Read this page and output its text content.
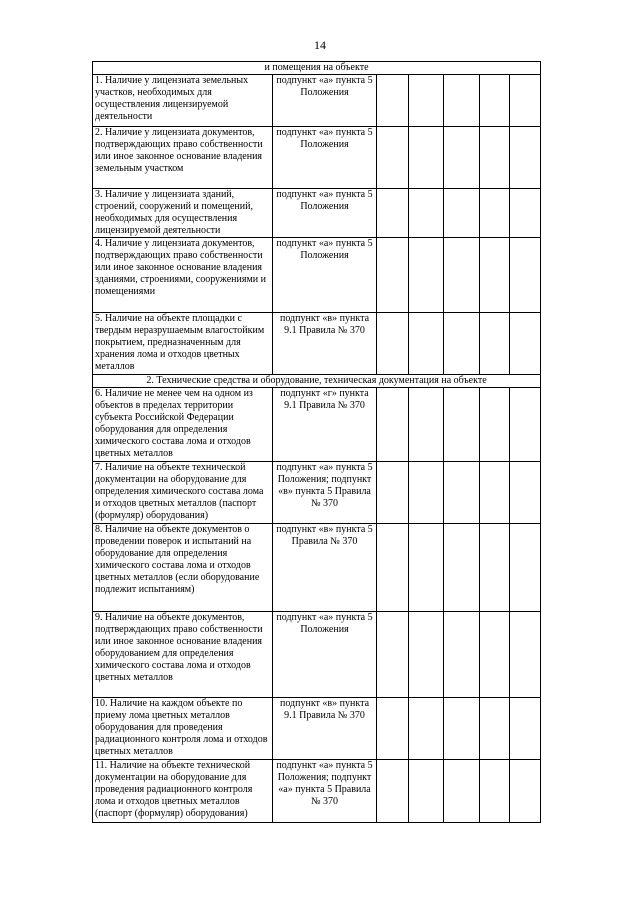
14
и помещения на объекте						
1. Наличие у лицензиата земельных участков, необходимых для осуществления лицензируемой деятельности	подпункт «а» пункта 5 Положения					
2. Наличие у лицензиата документов, подтверждающих право собственности или иное законное основание владения земельным участком	подпункт «а» пункта 5 Положения					
3. Наличие у лицензиата зданий, строений, сооружений и помещений, необходимых для осуществления лицензируемой деятельности	подпункт «а» пункта 5 Положения					
4. Наличие у лицензиата документов, подтверждающих право собственности или иное законное основание владения зданиями, строениями, сооружениями и помещениями	подпункт «а» пункта 5 Положения					
5. Наличие на объекте площадки с твердым неразрушаемым влагостойким покрытием, предназначенным для хранения лома и отходов цветных металлов	подпункт «в» пункта 9.1 Правила № 370					
2. Технические средства и оборудование, техническая документация на объекте						
6. Наличие не менее чем на одном из объектов в пределах территории субъекта Российской Федерации оборудования для определения химического состава лома и отходов цветных металлов	подпункт «г» пункта 9.1 Правила № 370					
7. Наличие на объекте технической документации на оборудование для определения химического состава лома и отходов цветных металлов (паспорт (формуляр) оборудования)	подпункт «а» пункта 5 Положения; подпункт «в» пункта 5 Правила № 370					
8. Наличие на объекте документов о проведении поверок и испытаний на оборудование для определения химического состава лома и отходов цветных металлов (если оборудование подлежит испытаниям)	подпункт «в» пункта 5 Правила № 370					
9. Наличие на объекте документов, подтверждающих право собственности или иное законное основание владения оборудованием для определения химического состава лома и отходов цветных металлов	подпункт «а» пункта 5 Положения					
10. Наличие на каждом объекте по приему лома цветных металлов оборудования для проведения радиационного контроля лома и отходов цветных металлов	подпункт «в» пункта 9.1 Правила № 370					
11. Наличие на объекте технической документации на оборудование для проведения радиационного контроля лома и отходов цветных металлов (паспорт (формуляр) оборудования)	подпункт «а» пункта 5 Положения; подпункт «а» пункта 5 Правила № 370					
